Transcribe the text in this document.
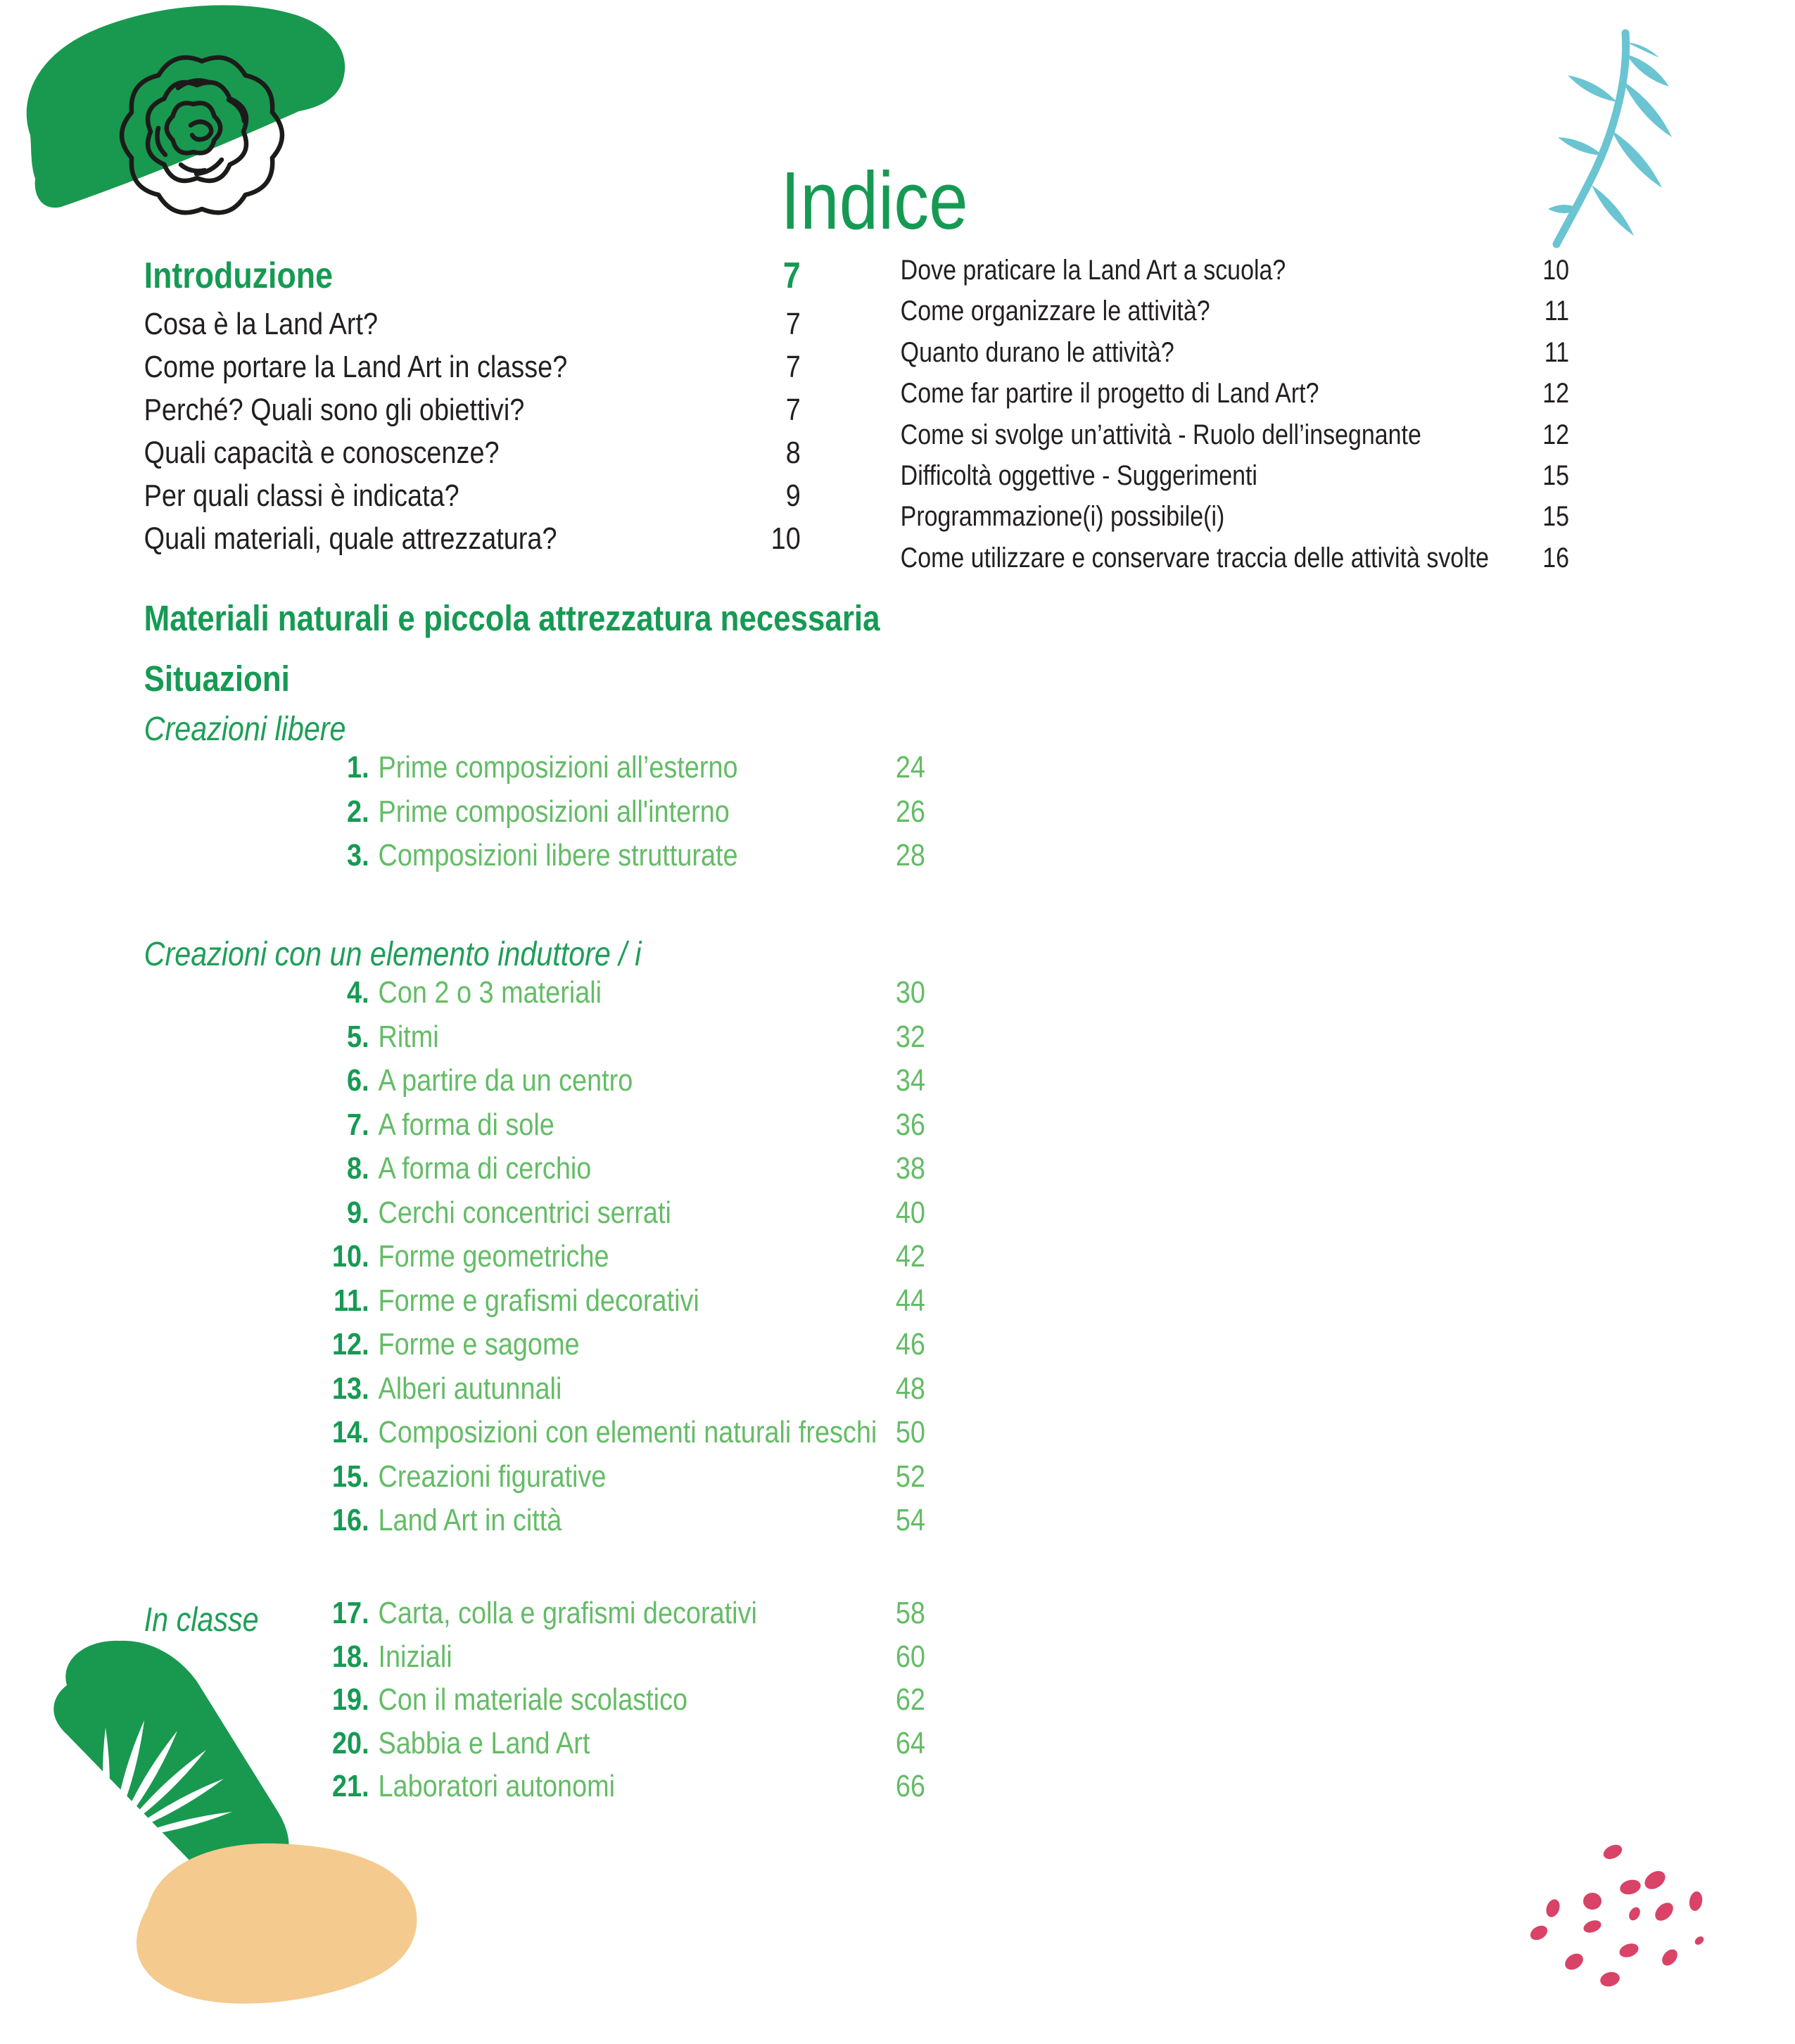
Indice
Introduzione	7
Cosa è la Land Art?	7
Come portare la Land Art in classe?	7
Perché? Quali sono gli obiettivi?	7
Quali capacità e conoscenze?	8
Per quali classi è indicata?	9
Quali materiali, quale attrezzatura?	10
Dove praticare la Land Art a scuola?	10
Come organizzare le attività?	11
Quanto durano le attività?	11
Come far partire il progetto di Land Art?	12
Come si svolge un’attività - Ruolo dell’insegnante	12
Difficoltà oggettive - Suggerimenti	15
Programmazione(i) possibile(i)	15
Come utilizzare e conservare traccia delle attività svolte 16
Materiali naturali e piccola attrezzatura necessaria
Situazioni
Creazioni libere
1. Prime composizioni all’esterno	24
2. Prime composizioni all'interno	26
3. Composizioni libere strutturate	28
Creazioni con un elemento induttore / i
4. Con 2 o 3 materiali	30
5. Ritmi	32
6. A partire da un centro	34
7. A forma di sole	36
8. A forma di cerchio	38
9. Cerchi concentrici serrati	40
10. Forme geometriche	42
11. Forme e grafismi decorativi	44
12. Forme e sagome	46
13. Alberi autunnali	48
14. Composizioni con elementi naturali freschi 50
15. Creazioni figurative	52
16. Land Art in città	54
In classe	17. Carta, colla e grafismi decorativi	58
18. Iniziali	60
19. Con il materiale scolastico	62
20. Sabbia e Land Art	64
21. Laboratori autonomi	66
